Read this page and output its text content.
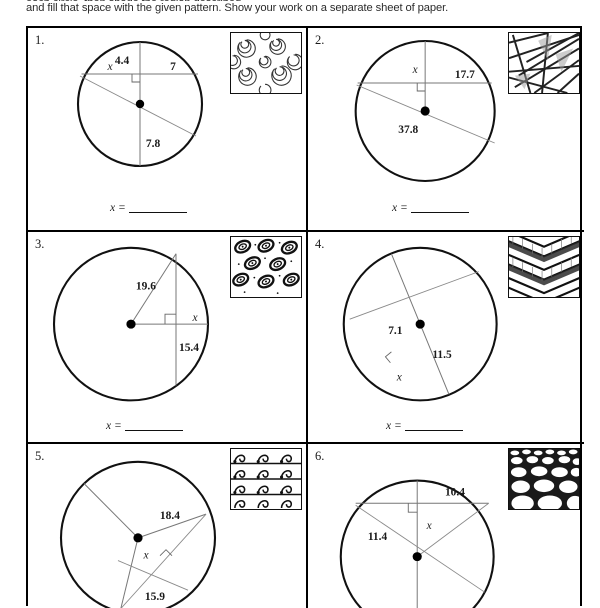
and fill that space with the given pattern. Show your work on a separate sheet of paper.
1.
4.4
x	7
7.8
x =
2.
x	17.7
37.8
x =
3.
19.6
x
15.4
x =
4.
7.1
11.5
x
x =
5.
18.4
x
15.9
6.
10.4
x
11.4
